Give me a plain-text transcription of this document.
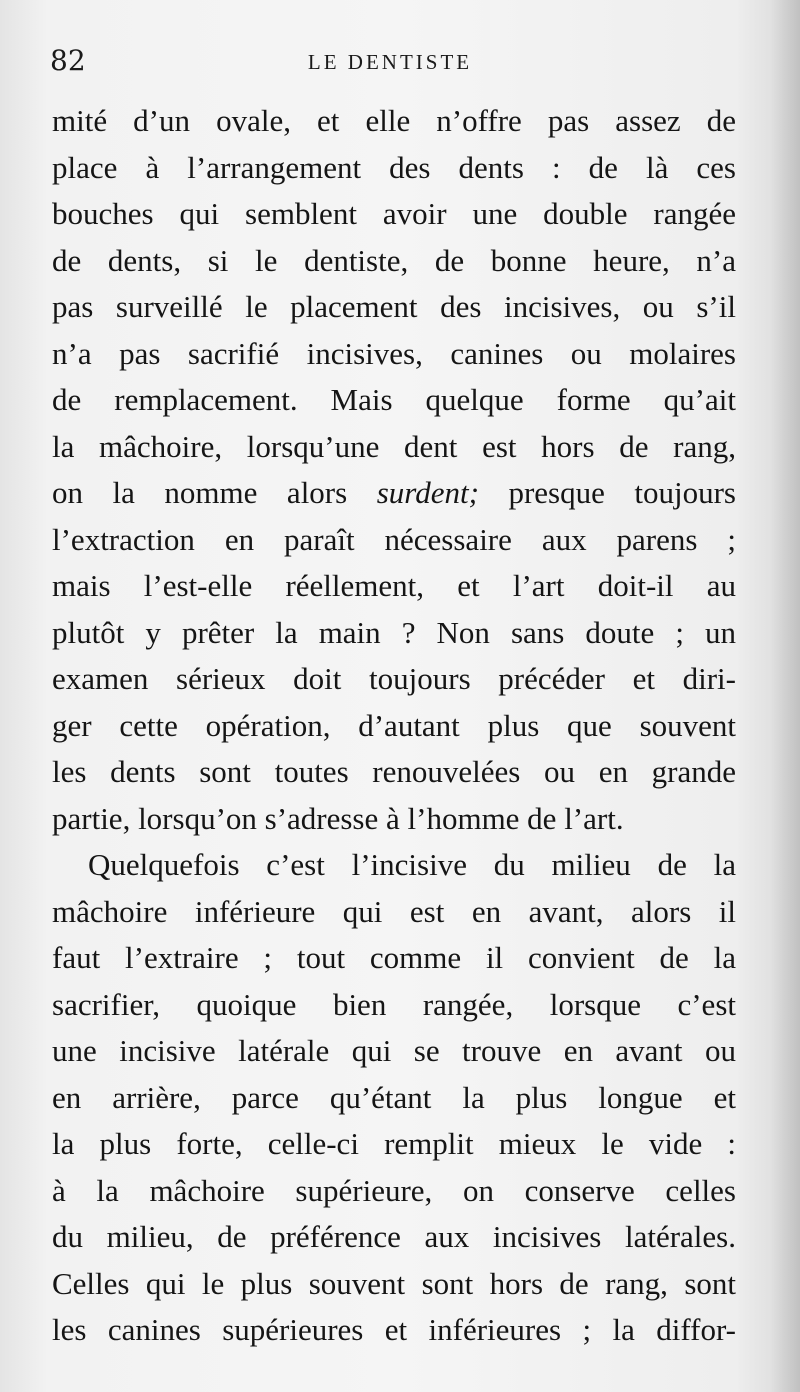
82	LE DENTISTE
mité d’un ovale, et elle n’offre pas assez de
place à l’arrangement des dents : de là ces
bouches qui semblent avoir une double rangée
de dents, si le dentiste, de bonne heure, n’a
pas surveillé le placement des incisives, ou s’il
n’a pas sacrifié incisives, canines ou molaires
de remplacement. Mais quelque forme qu’ait
la mâchoire, lorsqu’une dent est hors de rang,
on la nomme alors surdent; presque toujours
l’extraction en paraît nécessaire aux parens ;
mais l’est-elle réellement, et l’art doit-il au
plutôt y prêter la main ? Non sans doute ; un
examen sérieux doit toujours précéder et diri-
ger cette opération, d’autant plus que souvent
les dents sont toutes renouvelées ou en grande
partie, lorsqu’on s’adresse à l’homme de l’art.
Quelquefois c’est l’incisive du milieu de la
mâchoire inférieure qui est en avant, alors il
faut l’extraire ; tout comme il convient de la
sacrifier, quoique bien rangée, lorsque c’est
une incisive latérale qui se trouve en avant ou
en arrière, parce qu’étant la plus longue et
la plus forte, celle-ci remplit mieux le vide :
à la mâchoire supérieure, on conserve celles
du milieu, de préférence aux incisives latérales.
Celles qui le plus souvent sont hors de rang, sont
les canines supérieures et inférieures ; la diffor-
